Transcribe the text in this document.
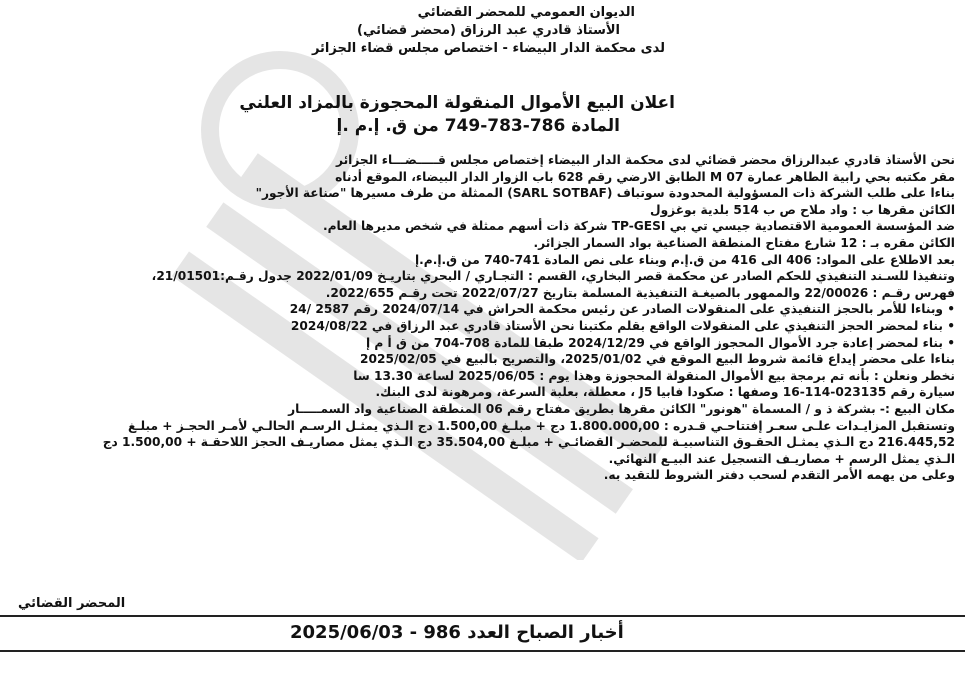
الديوان العمومي للمحضر القضائي
الأستاذ قادري عبد الرزاق (محضر قضائي)
لدى محكمة الدار البيضاء - اختصاص مجلس قضاء الجزائر
اعلان البيع الأموال المنقولة المحجوزة بالمزاد العلني
المادة 786-783-749 من ق. إ.م .إ
نحن الأستاذ قادري عبدالرزاق محضر قضائي لدى محكمة الدار البيضاء إختصاص مجلس قـــــضـــاء الجزائر
مقر مكتبه بحي رابية الطاهر عمارة M 07 الطابق الارضي رقم 628 باب الزوار الدار البيضاء، الموقع أدناه
بناءا على طلب الشركة ذات المسؤولية المحدودة سوتباف (SARL SOTBAF) الممثلة من طرف مسيرها "صناعة الأجور"
الكائن مقرها ب : واد ملاح ص ب 514 بلدية بوغزول
ضد المؤسسة العمومية الاقتصادية جيسي تي بي TP-GESI شركة ذات أسهم ممثلة في شخص مديرها العام.
الكائن مقره بـ : 12 شارع مفتاح المنطقة الصناعية بواد السمار الجزائر.
بعد الاطلاع على المواد: 406 الى 416 من ق.إ.م وبناء على نص المادة 741-740 من ق.إ.م.إ
وتنفيذا للسـند التنفيذي للحكم الصادر عن محكمة قصر البخاري، القسم : التجـاري / البحري بتاريـخ 2022/01/09 جدول رقـم:21/01501،
فهرس رقـم : 22/00026 والممهور بالصيغـة التنفيذية المسلمة بتاريخ 2022/07/27 تحت رقـم 2022/655.
• وبناءا للأمر بالحجز التنفيذي على المنقولات الصادر عن رئيس محكمة الحراش في 2024/07/14 رقم 2587 /24
• بناء لمحضر الحجز التنفيذي على المنقولات الواقع بقلم مكتبنا نحن الأستاذ قادري عبد الرزاق في 2024/08/22
• بناء لمحضر إعادة جرد الأموال المحجوز الواقع في 2024/12/29 طبقا للمادة 708-704 من ق أ م إ
بناءا على محضر إيداع قائمة شروط البيع الموقع في 2025/01/02، والتصريح بالبيع في 2025/02/05
نخطر ونعلن : بأنه تم برمجة بيع الأموال المنقولة المحجوزة وهذا يوم : 2025/06/05 لساعة 13.30 سا
سيارة رقم 023135-114-16 وصفها : صكودا فابيا J5 ، معطلة، بعلبة السرعة، ومرهونة لدى البنك.
مكان البيع :- بشركة ذ و / المسماة "هونور" الكائن مقرها بطريق مفتاح رقم 06 المنطقة الصناعية واد السمـــــار
وتستقبل المزايـدات علـى سعـر إفتتاحـي قـدره : 1.800.000,00 دج + مبلـغ 1.500,00 دج الـذي يمثـل الرسـم الحالـي لأمـر الحجـز + مبلـغ
216.445,52 دج الـذي يمثـل الحقـوق التناسبيـة للمحضـر القضائـي + مبلـغ 35.504,00 دج الـذي يمثل مصاريـف الحجز اللاحقـة + 1.500,00 دج
الـذي يمثل الرسم + مصاريـف التسجيل عند البيـع النهائي.
وعلى من يهمه الأمر التقدم لسحب دفتر الشروط للتقيد به.
المحضر القضائي
أخبار الصباح العدد 986 - 2025/06/03
